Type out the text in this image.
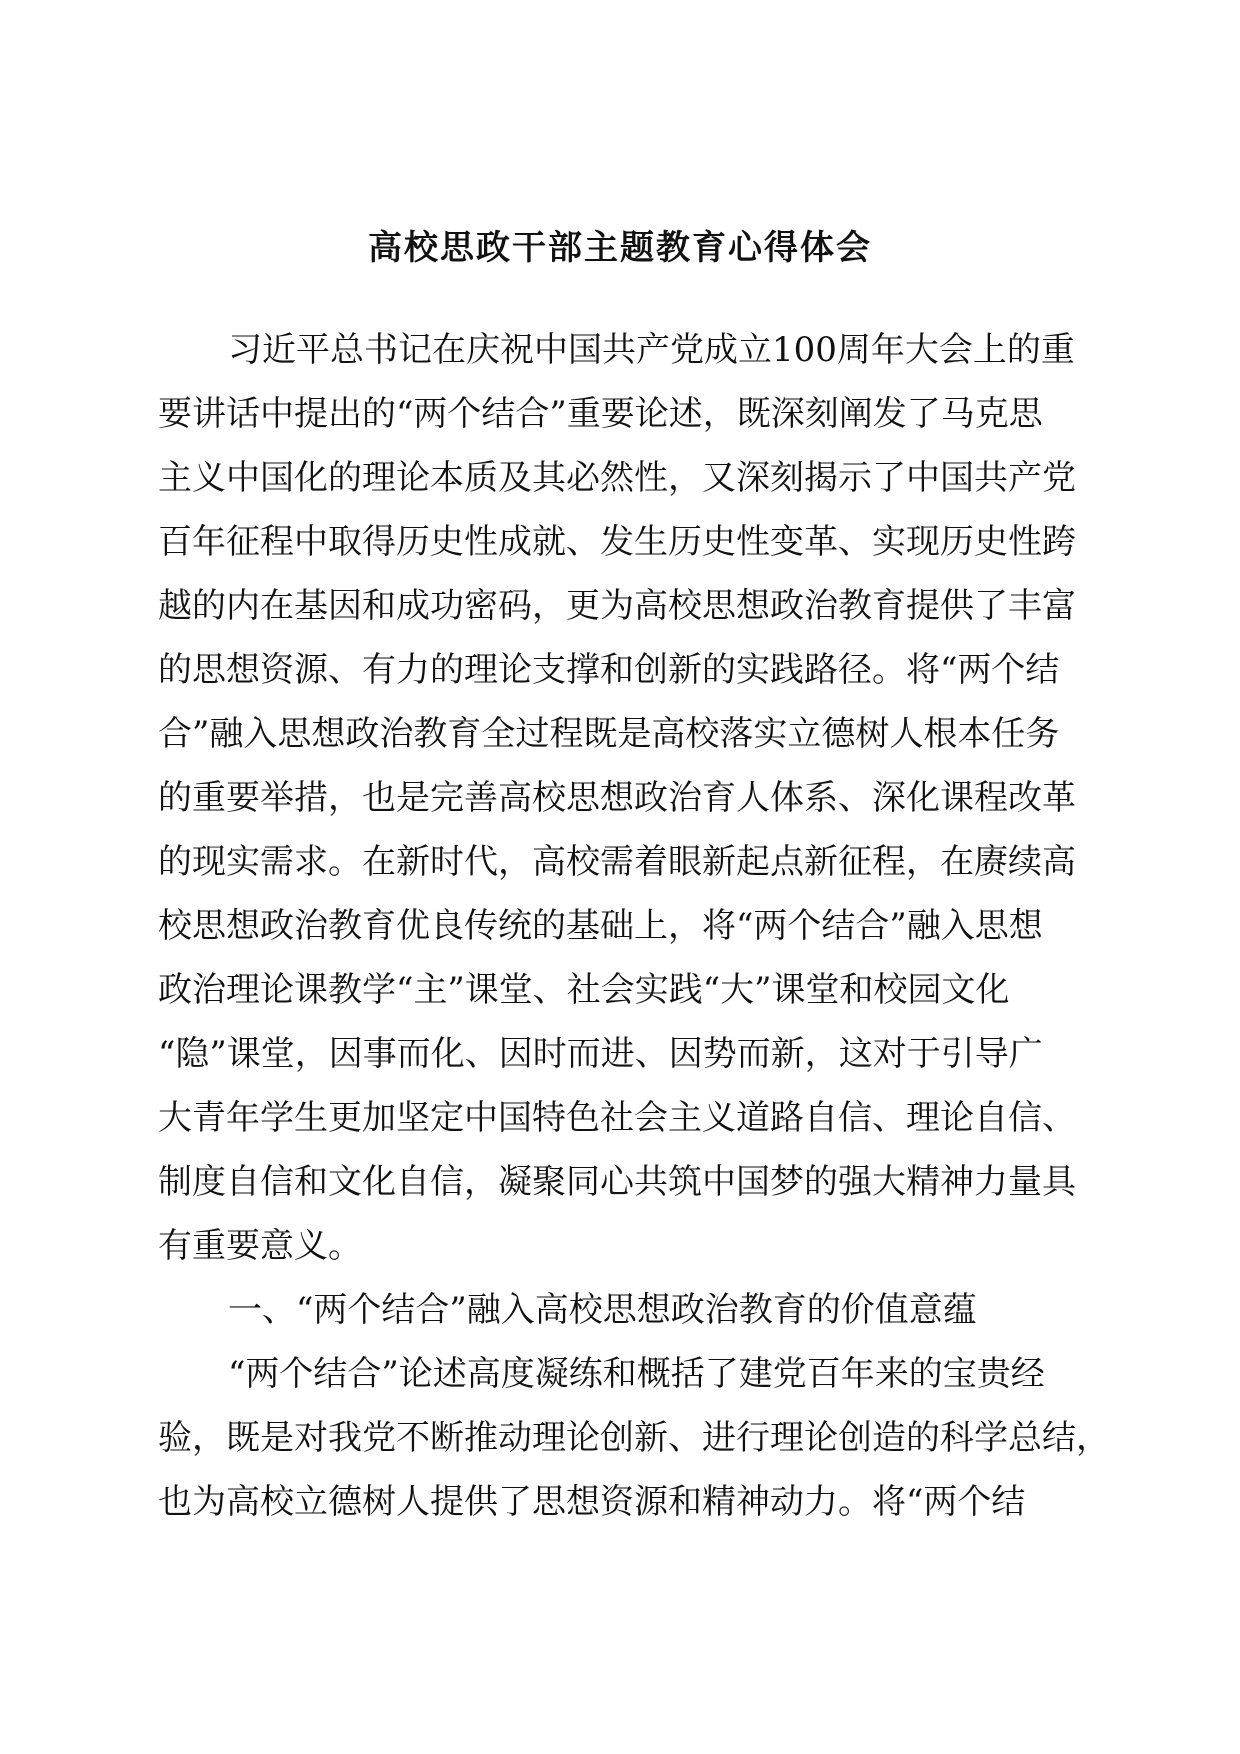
高校思政干部主题教育心得体会
习近平总书记在庆祝中国共产党成立100周年大会上的重
要讲话中提出的“两个结合”重要论述，既深刻阐发了马克思
主义中国化的理论本质及其必然性，又深刻揭示了中国共产党
百年征程中取得历史性成就、发生历史性变革、实现历史性跨
越的内在基因和成功密码，更为高校思想政治教育提供了丰富
的思想资源、有力的理论支撑和创新的实践路径。将“两个结
合”融入思想政治教育全过程既是高校落实立德树人根本任务
的重要举措，也是完善高校思想政治育人体系、深化课程改革
的现实需求。在新时代，高校需着眼新起点新征程，在赓续高
校思想政治教育优良传统的基础上，将“两个结合”融入思想
政治理论课教学“主”课堂、社会实践“大”课堂和校园文化
“隐”课堂，因事而化、因时而进、因势而新，这对于引导广
大青年学生更加坚定中国特色社会主义道路自信、理论自信、
制度自信和文化自信，凝聚同心共筑中国梦的强大精神力量具
有重要意义。
一、“两个结合”融入高校思想政治教育的价值意蕴
“两个结合”论述高度凝练和概括了建党百年来的宝贵经
验，既是对我党不断推动理论创新、进行理论创造的科学总结，
也为高校立德树人提供了思想资源和精神动力。将“两个结
